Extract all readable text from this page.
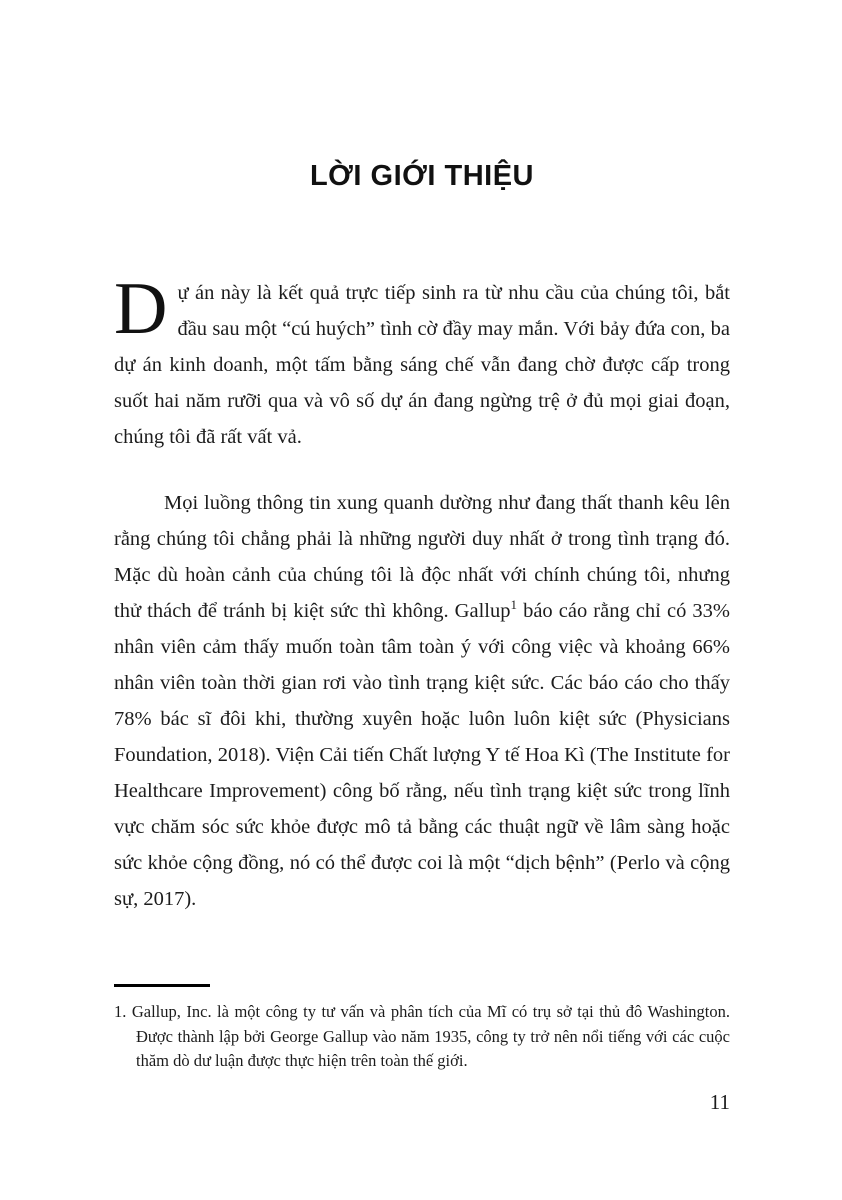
LỜI GIỚI THIỆU

Dự án này là kết quả trực tiếp sinh ra từ nhu cầu của chúng tôi, bắt đầu sau một “cú huých” tình cờ đầy may mắn. Với bảy đứa con, ba dự án kinh doanh, một tấm bằng sáng chế vẫn đang chờ được cấp trong suốt hai năm rưỡi qua và vô số dự án đang ngừng trệ ở đủ mọi giai đoạn, chúng tôi đã rất vất vả.

Mọi luồng thông tin xung quanh dường như đang thất thanh kêu lên rằng chúng tôi chẳng phải là những người duy nhất ở trong tình trạng đó. Mặc dù hoàn cảnh của chúng tôi là độc nhất với chính chúng tôi, nhưng thử thách để tránh bị kiệt sức thì không. Gallup$^1$ báo cáo rằng chỉ có 33% nhân viên cảm thấy muốn toàn tâm toàn ý với công việc và khoảng 66% nhân viên toàn thời gian rơi vào tình trạng kiệt sức. Các báo cáo cho thấy 78% bác sĩ đôi khi, thường xuyên hoặc luôn luôn kiệt sức (Physicians Foundation, 2018). Viện Cải tiến Chất lượng Y tế Hoa Kì (The Institute for Healthcare Improvement) công bố rằng, nếu tình trạng kiệt sức trong lĩnh vực chăm sóc sức khỏe được mô tả bằng các thuật ngữ về lâm sàng hoặc sức khỏe cộng đồng, nó có thể được coi là một “dịch bệnh” (Perlo và cộng sự, 2017).

1. Gallup, Inc. là một công ty tư vấn và phân tích của Mĩ có trụ sở tại thủ đô Washington. Được thành lập bởi George Gallup vào năm 1935, công ty trở nên nổi tiếng với các cuộc thăm dò dư luận được thực hiện trên toàn thế giới.
11
